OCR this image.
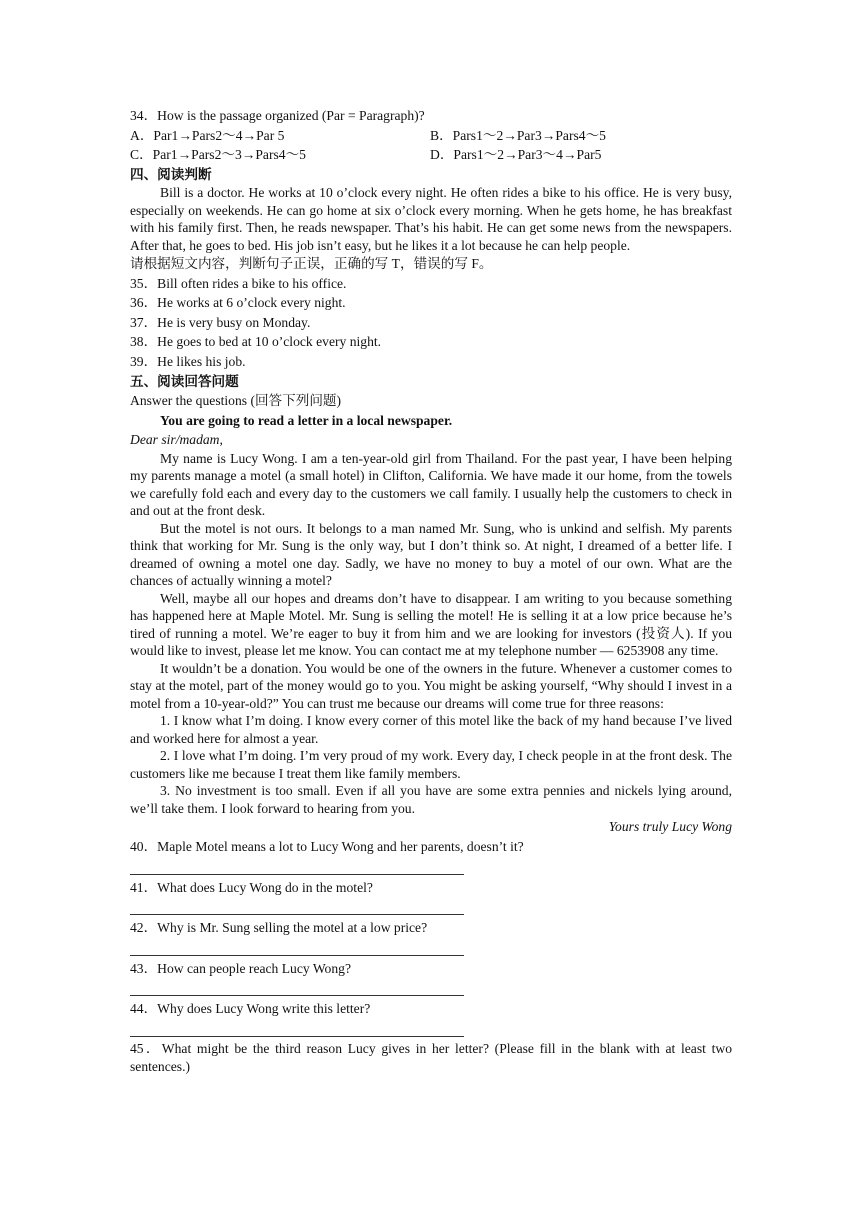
34．How is the passage organized (Par = Paragraph)?
A．Par1→Pars2～4→Par 5	B．Pars1～2→Par3→Pars4～5
C．Par1→Pars2～3→Pars4～5	D．Pars1～2→Par3～4→Par5
四、阅读判断

Bill is a doctor. He works at 10 o’clock every night. He often rides a bike to his office. He is very busy, especially on weekends. He can go home at six o’clock every morning. When he gets home, he has breakfast with his family first. Then, he reads newspaper. That’s his habit. He can get some news from the newspapers. After that, he goes to bed. His job isn’t easy, but he likes it a lot because he can help people.

请根据短文内容，判断句子正误，正确的写 T，错误的写 F。
35．Bill often rides a bike to his office.
36．He works at 6 o’clock every night.
37．He is very busy on Monday.
38．He goes to bed at 10 o’clock every night.
39．He likes his job.
五、阅读回答问题
Answer the questions (回答下列问题)
You are going to read a letter in a local newspaper.
Dear sir/madam,

My name is Lucy Wong. I am a ten-year-old girl from Thailand. For the past year, I have been helping my parents manage a motel (a small hotel) in Clifton, California. We have made it our home, from the towels we carefully fold each and every day to the customers we call family. I usually help the customers to check in and out at the front desk.

But the motel is not ours. It belongs to a man named Mr. Sung, who is unkind and selfish. My parents think that working for Mr. Sung is the only way, but I don’t think so. At night, I dreamed of a better life. I dreamed of owning a motel one day. Sadly, we have no money to buy a motel of our own. What are the chances of actually winning a motel?

Well, maybe all our hopes and dreams don’t have to disappear. I am writing to you because something has happened here at Maple Motel. Mr. Sung is selling the motel! He is selling it at a low price because he’s tired of running a motel. We’re eager to buy it from him and we are looking for investors (投资人). If you would like to invest, please let me know. You can contact me at my telephone number — 6253908 any time.

It wouldn’t be a donation. You would be one of the owners in the future. Whenever a customer comes to stay at the motel, part of the money would go to you. You might be asking yourself, “Why should I invest in a motel from a 10-year-old?” You can trust me because our dreams will come true for three reasons:

1. I know what I’m doing. I know every corner of this motel like the back of my hand because I’ve lived and worked here for almost a year.

2. I love what I’m doing. I’m very proud of my work. Every day, I check people in at the front desk. The customers like me because I treat them like family members.

3. No investment is too small. Even if all you have are some extra pennies and nickels lying around, we’ll take them. I look forward to hearing from you.

Yours truly Lucy Wong
40．Maple Motel means a lot to Lucy Wong and her parents, doesn’t it?
41．What does Lucy Wong do in the motel?
42．Why is Mr. Sung selling the motel at a low price?
43．How can people reach Lucy Wong?
44．Why does Lucy Wong write this letter?

45．What might be the third reason Lucy gives in her letter? (Please fill in the blank with at least two sentences.)
